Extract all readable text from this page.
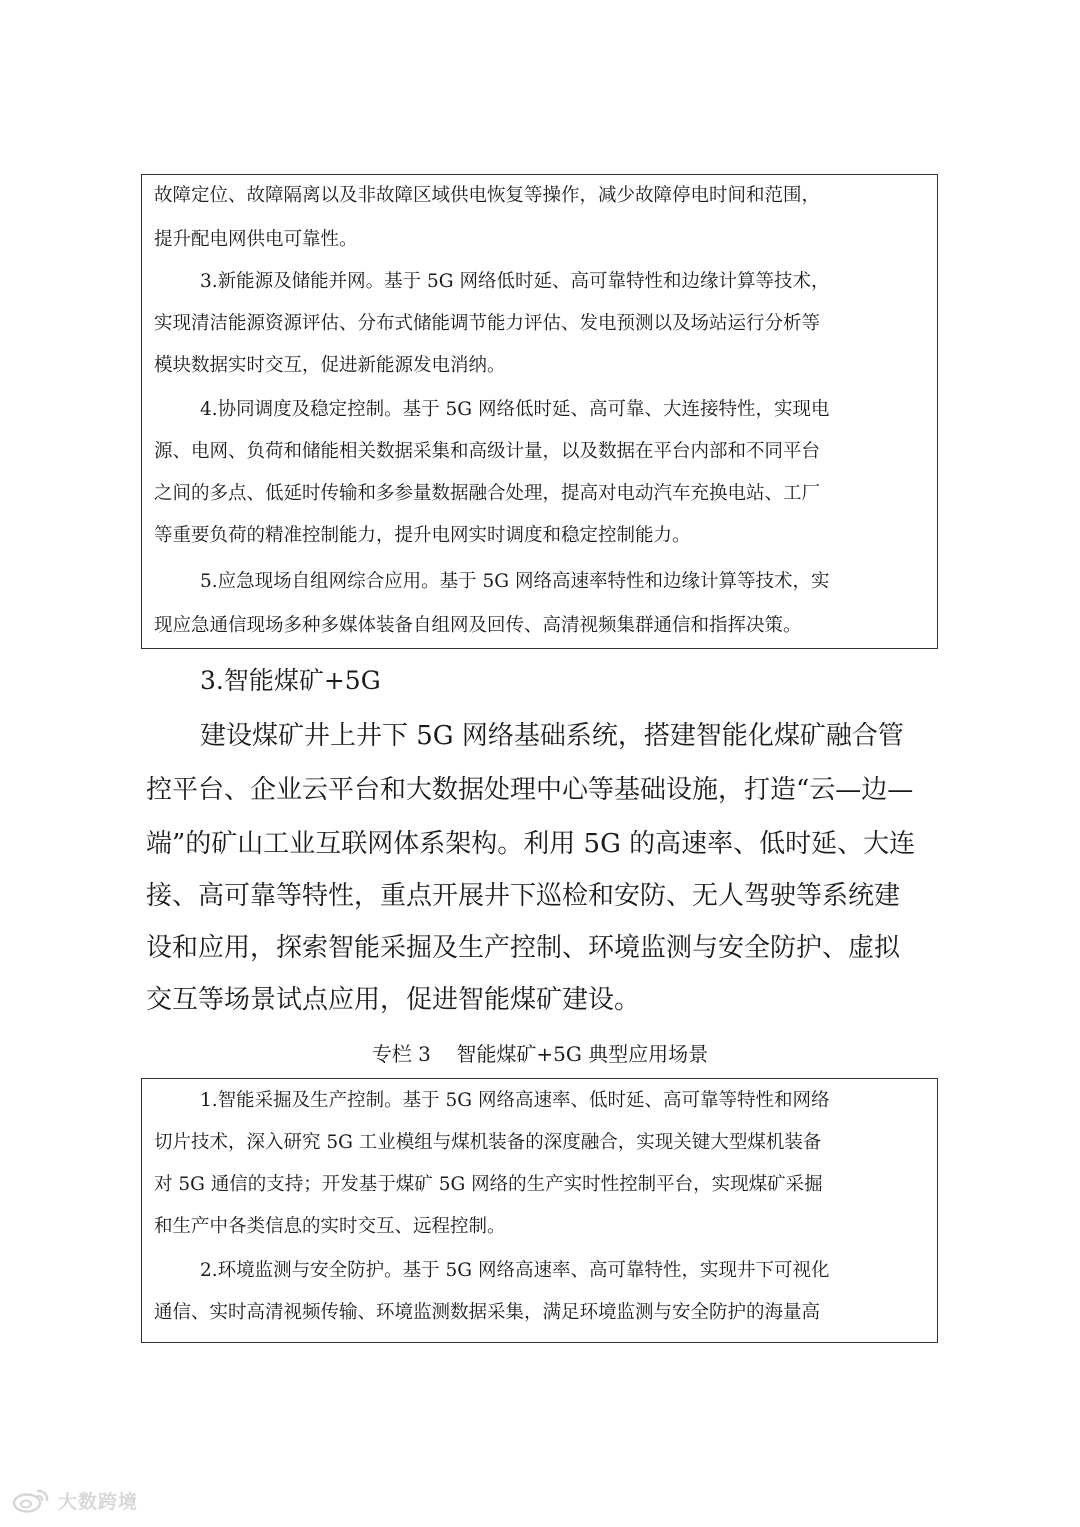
故障定位、故障隔离以及非故障区域供电恢复等操作，减少故障停电时间和范围，
提升配电网供电可靠性。
3.新能源及储能并网。基于 5G 网络低时延、高可靠特性和边缘计算等技术，
实现清洁能源资源评估、分布式储能调节能力评估、发电预测以及场站运行分析等
模块数据实时交互，促进新能源发电消纳。
4.协同调度及稳定控制。基于 5G 网络低时延、高可靠、大连接特性，实现电
源、电网、负荷和储能相关数据采集和高级计量，以及数据在平台内部和不同平台
之间的多点、低延时传输和多参量数据融合处理，提高对电动汽车充换电站、工厂
等重要负荷的精准控制能力，提升电网实时调度和稳定控制能力。
5.应急现场自组网综合应用。基于 5G 网络高速率特性和边缘计算等技术，实
现应急通信现场多种多媒体装备自组网及回传、高清视频集群通信和指挥决策。
3.智能煤矿+5G
建设煤矿井上井下 5G 网络基础系统，搭建智能化煤矿融合管
控平台、企业云平台和大数据处理中心等基础设施，打造“云—边—
端”的矿山工业互联网体系架构。利用 5G 的高速率、低时延、大连
接、高可靠等特性，重点开展井下巡检和安防、无人驾驶等系统建
设和应用，探索智能采掘及生产控制、环境监测与安全防护、虚拟
交互等场景试点应用，促进智能煤矿建设。
专栏 3    智能煤矿+5G 典型应用场景
1.智能采掘及生产控制。基于 5G 网络高速率、低时延、高可靠等特性和网络
切片技术，深入研究 5G 工业模组与煤机装备的深度融合，实现关键大型煤机装备
对 5G 通信的支持；开发基于煤矿 5G 网络的生产实时性控制平台，实现煤矿采掘
和生产中各类信息的实时交互、远程控制。
2.环境监测与安全防护。基于 5G 网络高速率、高可靠特性，实现井下可视化
通信、实时高清视频传输、环境监测数据采集，满足环境监测与安全防护的海量高
大数跨境
